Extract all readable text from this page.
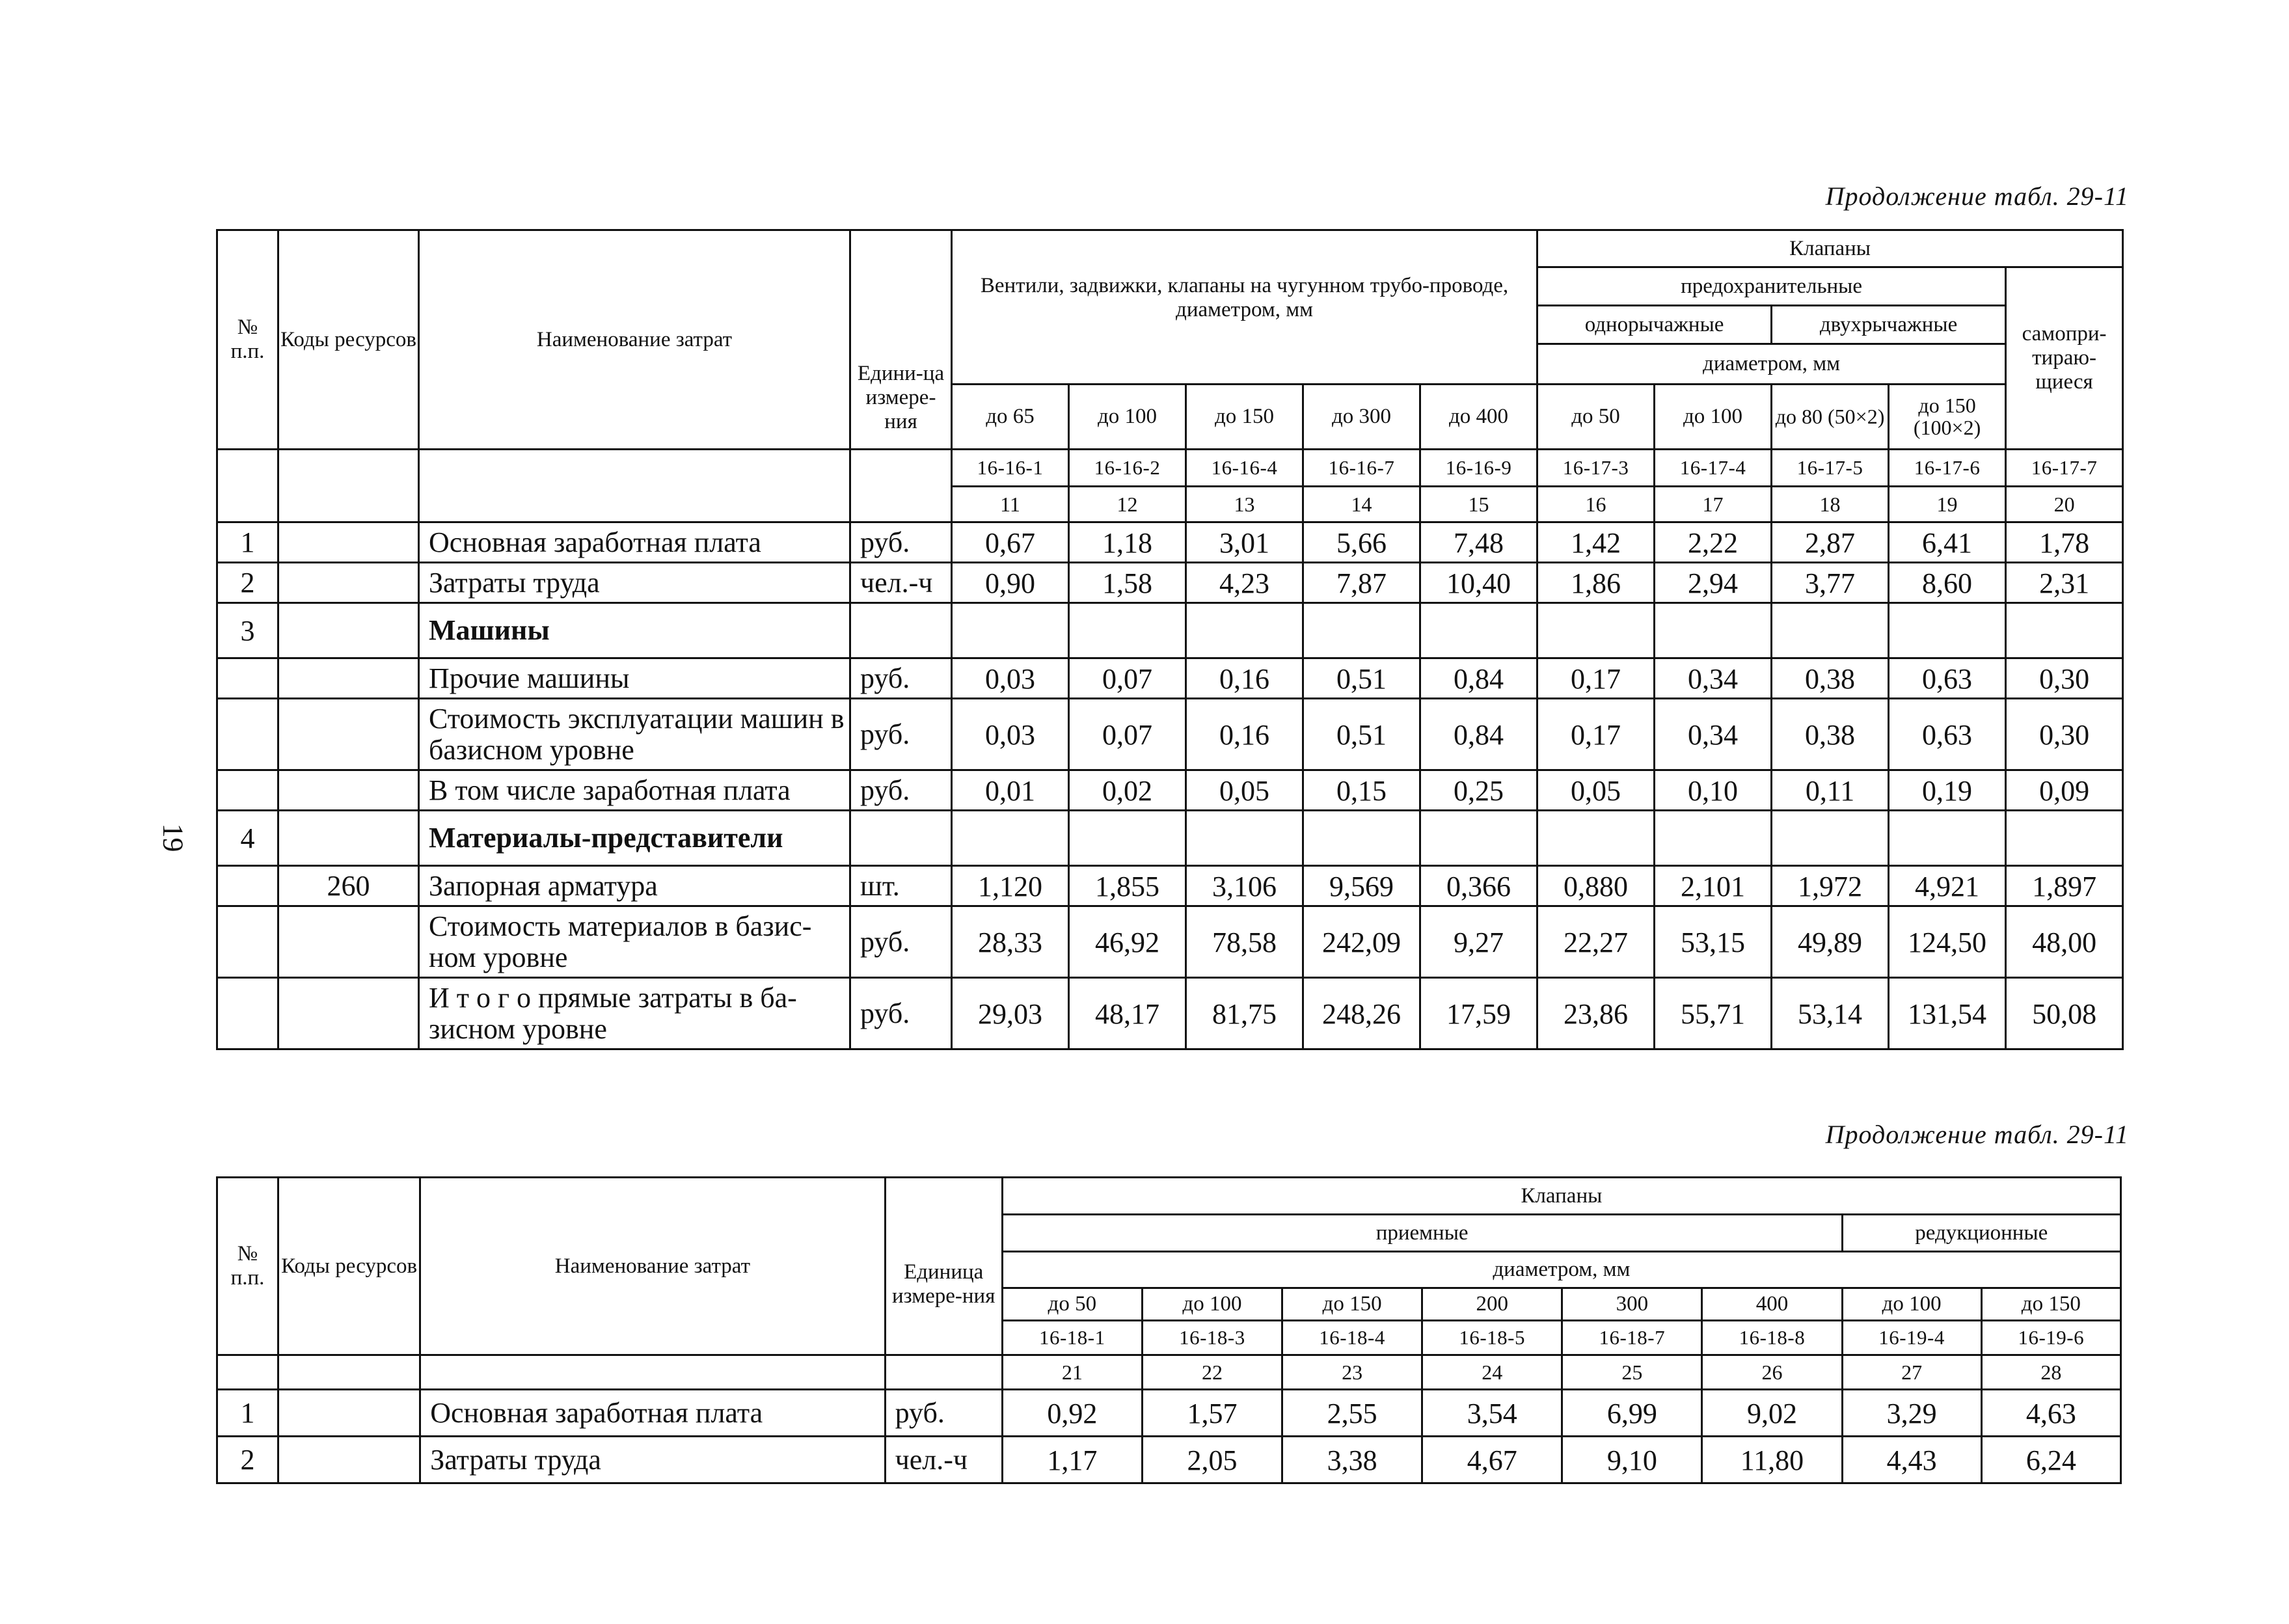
Продолжение табл. 29-11
19
№ п.п.	Коды ресурсов	Наименование затрат	Едини-ца измере-ния	Вентили, задвижки, клапаны на чугунном трубо-проводе, диаметром, мм					Клапаны				
									предохранительные				самопри-тираю-щиеся
									однорычажные		двухрычажные		
									диаметром, мм				
				до 65	до 100	до 150	до 300	до 400	до 50	до 100	до 80 (50×2)	до 150 (100×2)	
				16-16-1	16-16-2	16-16-4	16-16-7	16-16-9	16-17-3	16-17-4	16-17-5	16-17-6	16-17-7
				11	12	13	14	15	16	17	18	19	20
1		Основная заработная плата	руб.	0,67	1,18	3,01	5,66	7,48	1,42	2,22	2,87	6,41	1,78
2		Затраты труда	чел.-ч	0,90	1,58	4,23	7,87	10,40	1,86	2,94	3,77	8,60	2,31
3		Машины											
		Прочие машины	руб.	0,03	0,07	0,16	0,51	0,84	0,17	0,34	0,38	0,63	0,30
		Стоимость эксплуатации машин в базисном уровне	руб.	0,03	0,07	0,16	0,51	0,84	0,17	0,34	0,38	0,63	0,30
		В том числе заработная плата	руб.	0,01	0,02	0,05	0,15	0,25	0,05	0,10	0,11	0,19	0,09
4		Материалы-представители											
	260	Запорная арматура	шт.	1,120	1,855	3,106	9,569	0,366	0,880	2,101	1,972	4,921	1,897
		Стоимость материалов в базис-ном уровне	руб.	28,33	46,92	78,58	242,09	9,27	22,27	53,15	49,89	124,50	48,00
		И т о г о прямые затраты в ба-зисном уровне	руб.	29,03	48,17	81,75	248,26	17,59	23,86	55,71	53,14	131,54	50,08
Продолжение табл. 29-11
№ п.п.	Коды ресурсов	Наименование затрат	Единица измере-ния	Клапаны							
				приемные						редукционные	
				диаметром, мм							
				до 50	до 100	до 150	200	300	400	до 100	до 150
				16-18-1	16-18-3	16-18-4	16-18-5	16-18-7	16-18-8	16-19-4	16-19-6
				21	22	23	24	25	26	27	28
1		Основная заработная плата	руб.	0,92	1,57	2,55	3,54	6,99	9,02	3,29	4,63
2		Затраты труда	чел.-ч	1,17	2,05	3,38	4,67	9,10	11,80	4,43	6,24
